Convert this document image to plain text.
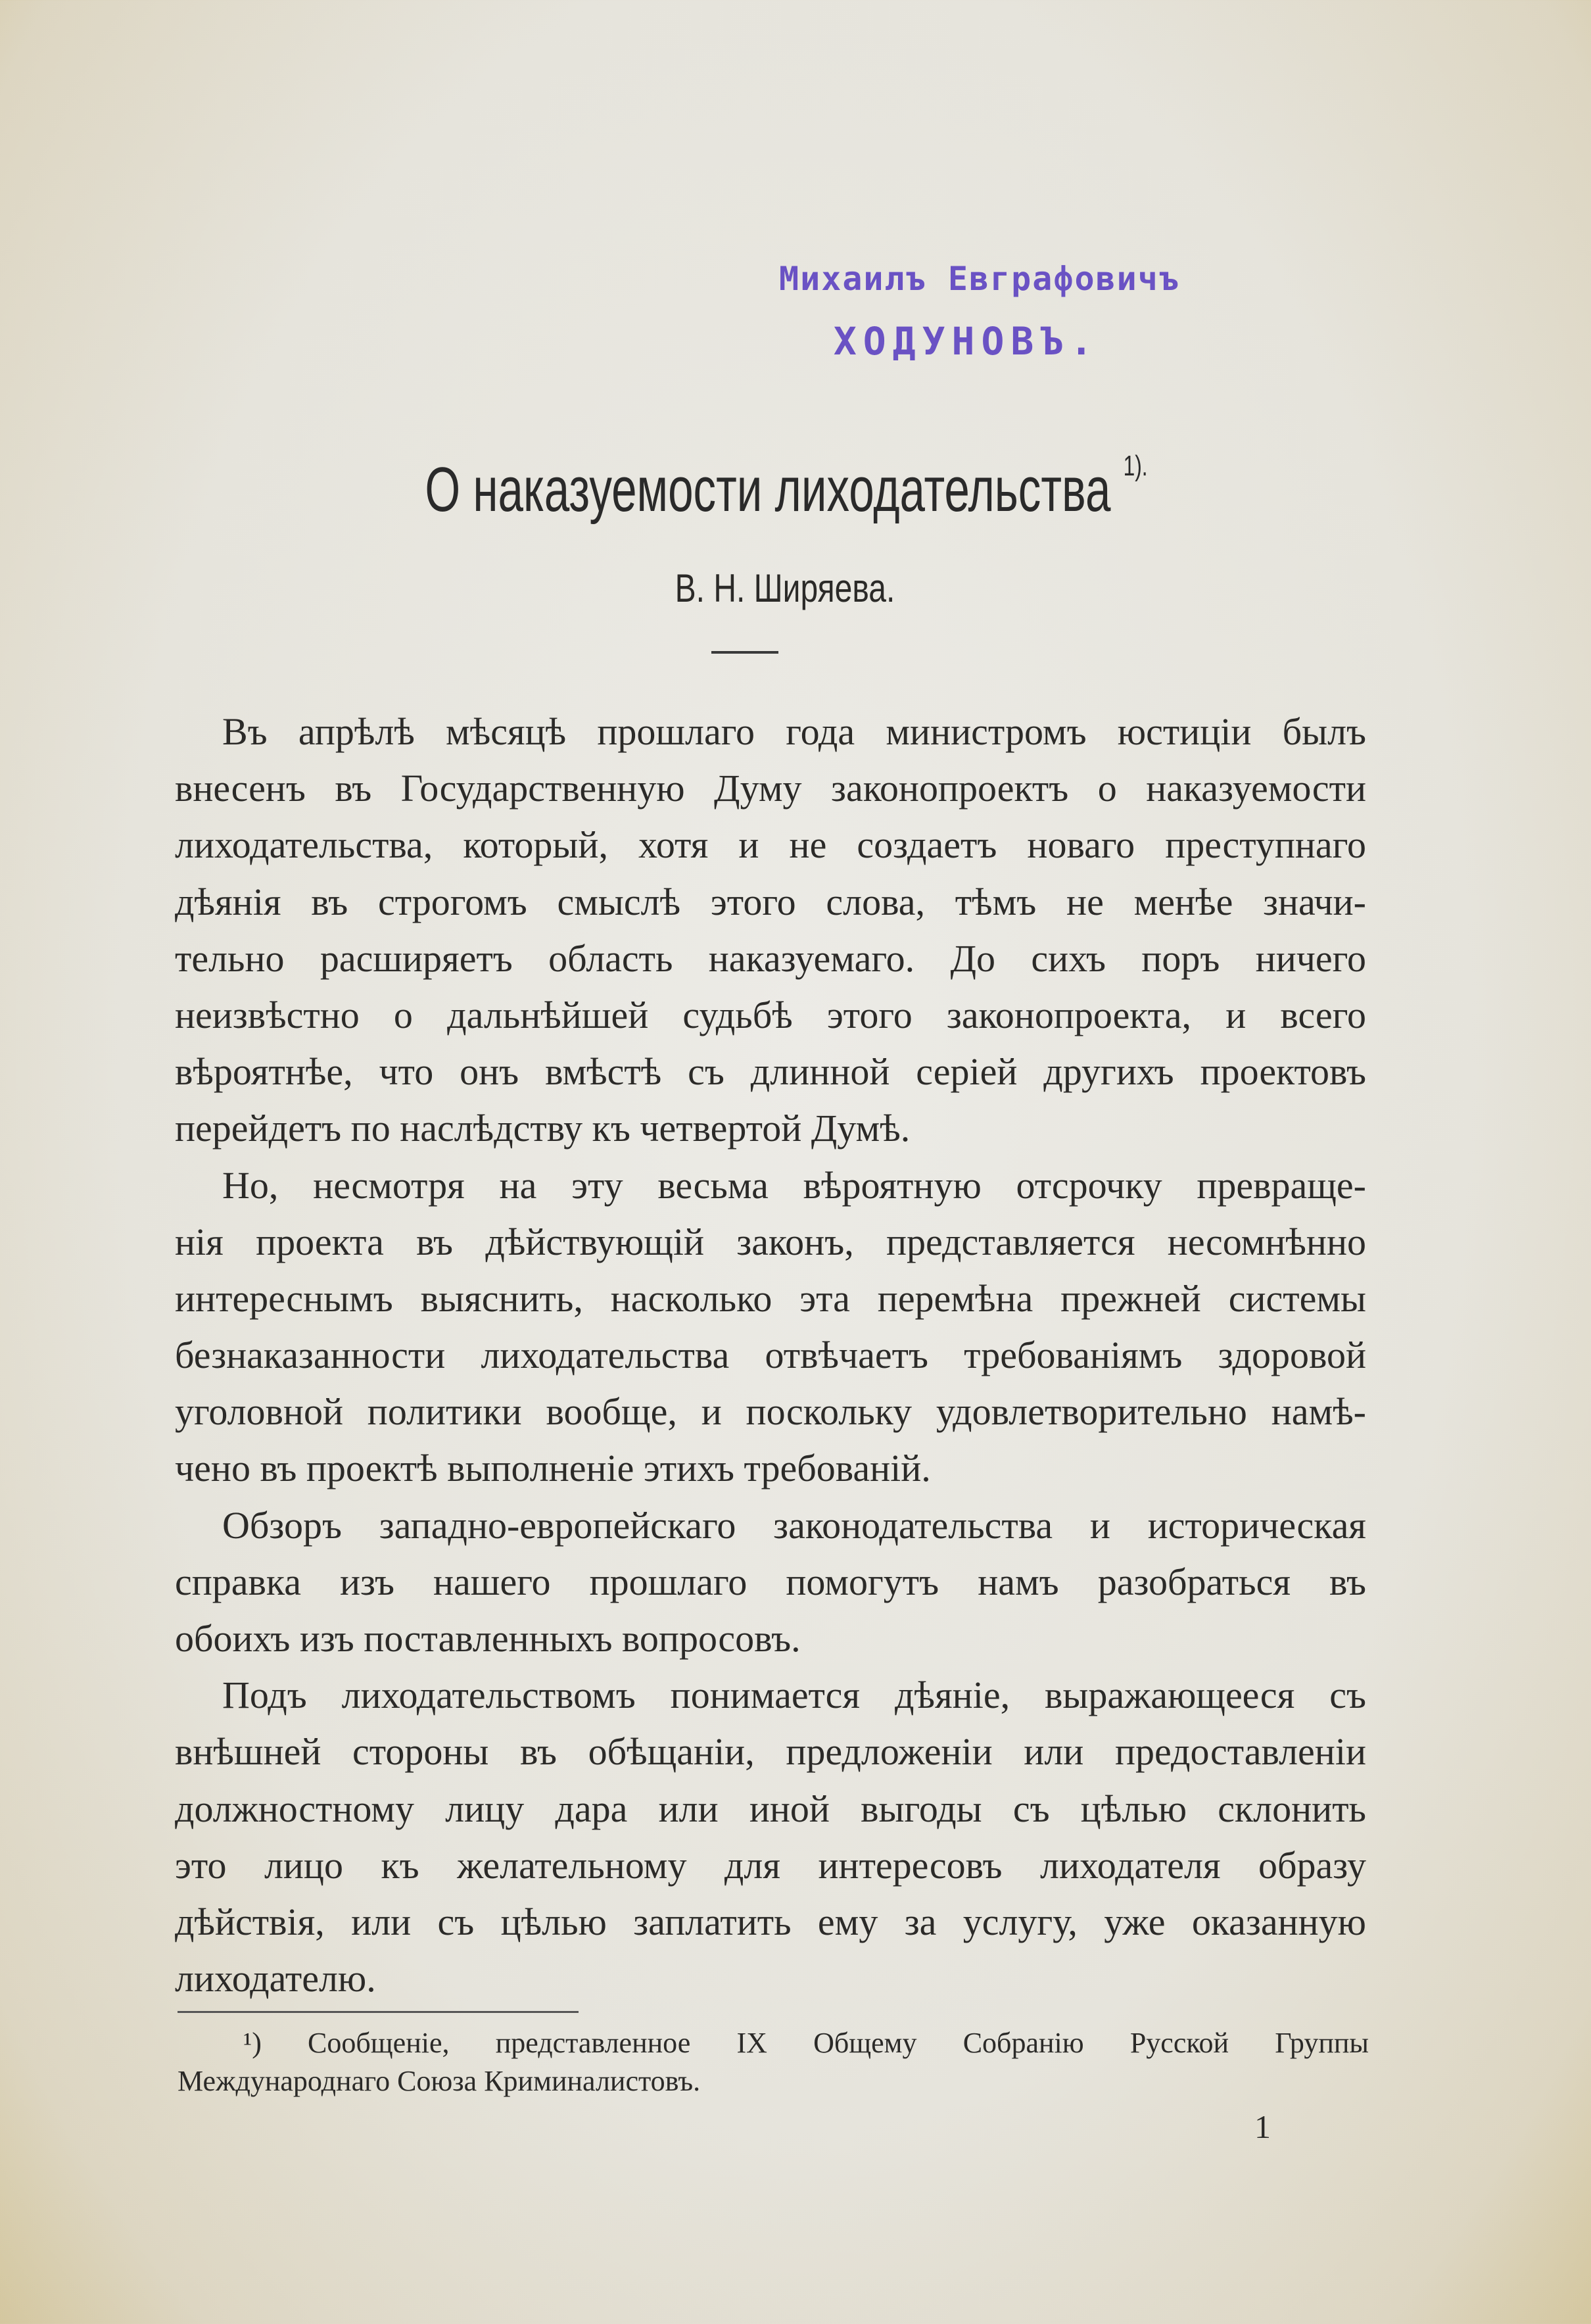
Михаилъ Евграфовичъ
ХОДУНОВЪ.
О наказуемости лиходательства $^{1).}$
В. Н. Ширяева.
Въ апрѣлѣ мѣсяцѣ прошлаго года министромъ юстиціи былъ
внесенъ въ Государственную Думу законопроектъ о наказуемости
лиходательства, который, хотя и не создаетъ новаго преступнаго
дѣянія въ строгомъ смыслѣ этого слова, тѣмъ не менѣе значи-
тельно расширяетъ область наказуемаго. До сихъ поръ ничего
неизвѣстно о дальнѣйшей судьбѣ этого законопроекта, и всего
вѣроятнѣе, что онъ вмѣстѣ съ длинной серіей другихъ проектовъ
перейдетъ по наслѣдству къ четвертой Думѣ.
Но, несмотря на эту весьма вѣроятную отсрочку превраще-
нія проекта въ дѣйствующій законъ, представляется несомнѣнно
интереснымъ выяснить, насколько эта перемѣна прежней системы
безнаказанности лиходательства отвѣчаетъ требованіямъ здоровой
уголовной политики вообще, и поскольку удовлетворительно намѣ-
чено въ проектѣ выполненіе этихъ требованій.
Обзоръ западно-европейскаго законодательства и историческая
справка изъ нашего прошлаго помогутъ намъ разобраться въ
обоихъ изъ поставленныхъ вопросовъ.
Подъ лиходательствомъ понимается дѣяніе, выражающееся съ
внѣшней стороны въ обѣщаніи, предложеніи или предоставленіи
должностному лицу дара или иной выгоды съ цѣлью склонить
это лицо къ желательному для интересовъ лиходателя образу
дѣйствія, или съ цѣлью заплатить ему за услугу, уже оказанную
лиходателю.
¹) Сообщеніе, представленное IX Общему Собранію Русской Группы
Международнаго Союза Криминалистовъ.
1
